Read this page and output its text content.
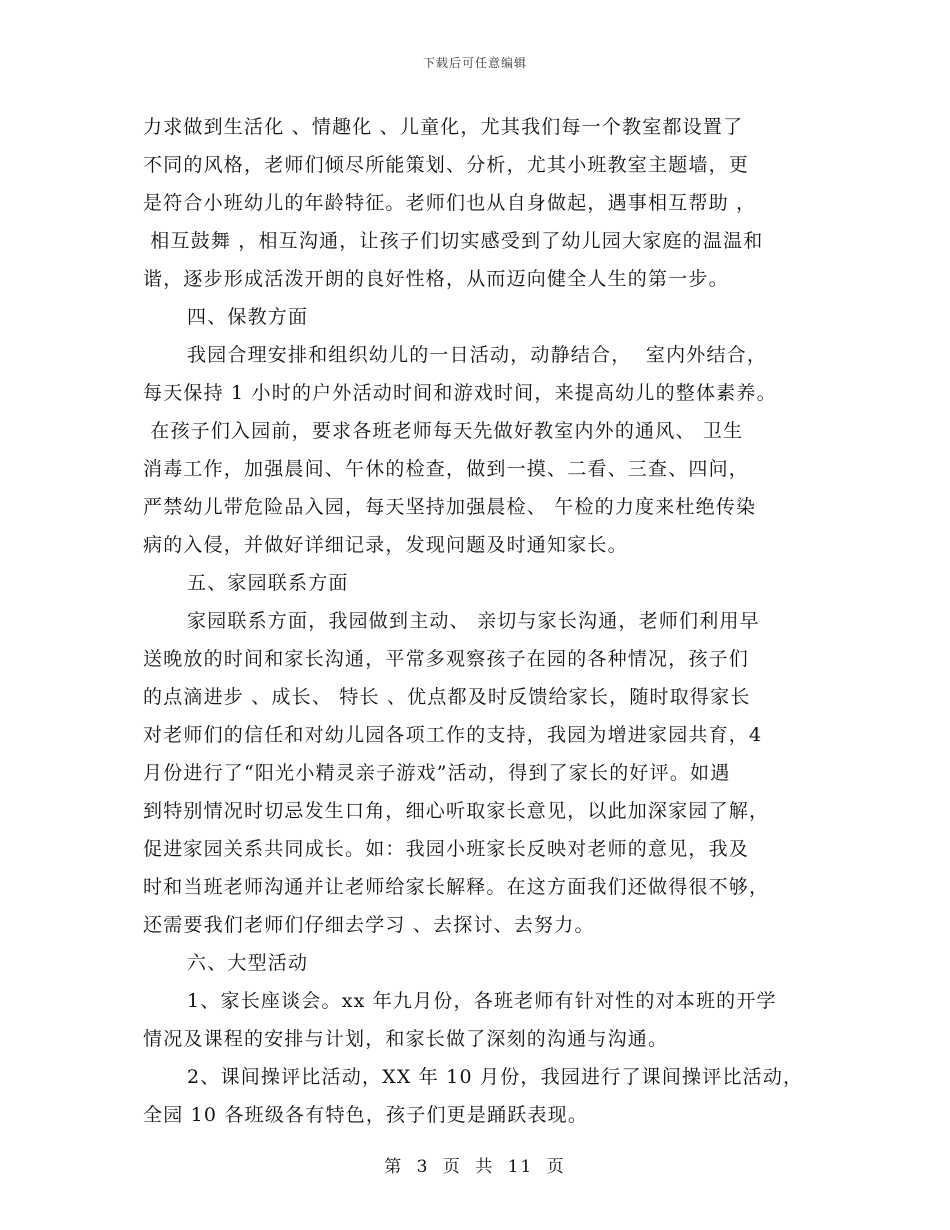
下载后可任意编辑
力求做到生活化 、情趣化 、儿童化，尤其我们每一个教室都设置了
不同的风格，老师们倾尽所能策划、分析，尤其小班教室主题墙，更
是符合小班幼儿的年龄特征。老师们也从自身做起，遇事相互帮助 ，
相互鼓舞 ，相互沟通，让孩子们切实感受到了幼儿园大家庭的温温和
谐，逐步形成活泼开朗的良好性格，从而迈向健全人生的第一步。
四、保教方面
我园合理安排和组织幼儿的一日活动，动静结合，  室内外结合，
每天保持 1 小时的户外活动时间和游戏时间，来提高幼儿的整体素养。
在孩子们入园前，要求各班老师每天先做好教室内外的通风、 卫生
消毒工作，加强晨间、午休的检查，做到一摸、二看、三查、四问，
严禁幼儿带危险品入园，每天坚持加强晨检、 午检的力度来杜绝传染
病的入侵，并做好详细记录，发现问题及时通知家长。
五、家园联系方面
家园联系方面，我园做到主动、 亲切与家长沟通，老师们利用早
送晚放的时间和家长沟通，平常多观察孩子在园的各种情况，孩子们
的点滴进步 、成长、 特长 、优点都及时反馈给家长，随时取得家长
对老师们的信任和对幼儿园各项工作的支持，我园为增进家园共育，4
月份进行了“阳光小精灵亲子游戏”活动，得到了家长的好评。如遇
到特别情况时切忌发生口角，细心听取家长意见，以此加深家园了解，
促进家园关系共同成长。如：我园小班家长反映对老师的意见，我及
时和当班老师沟通并让老师给家长解释。在这方面我们还做得很不够，
还需要我们老师们仔细去学习 、去探讨、去努力。
六、大型活动
1、家长座谈会。xx 年九月份，各班老师有针对性的对本班的开学
情况及课程的安排与计划，和家长做了深刻的沟通与沟通。
2、课间操评比活动，XX 年 10 月份，我园进行了课间操评比活动，
全园 10 各班级各有特色，孩子们更是踊跃表现。
第 3 页 共 11 页
